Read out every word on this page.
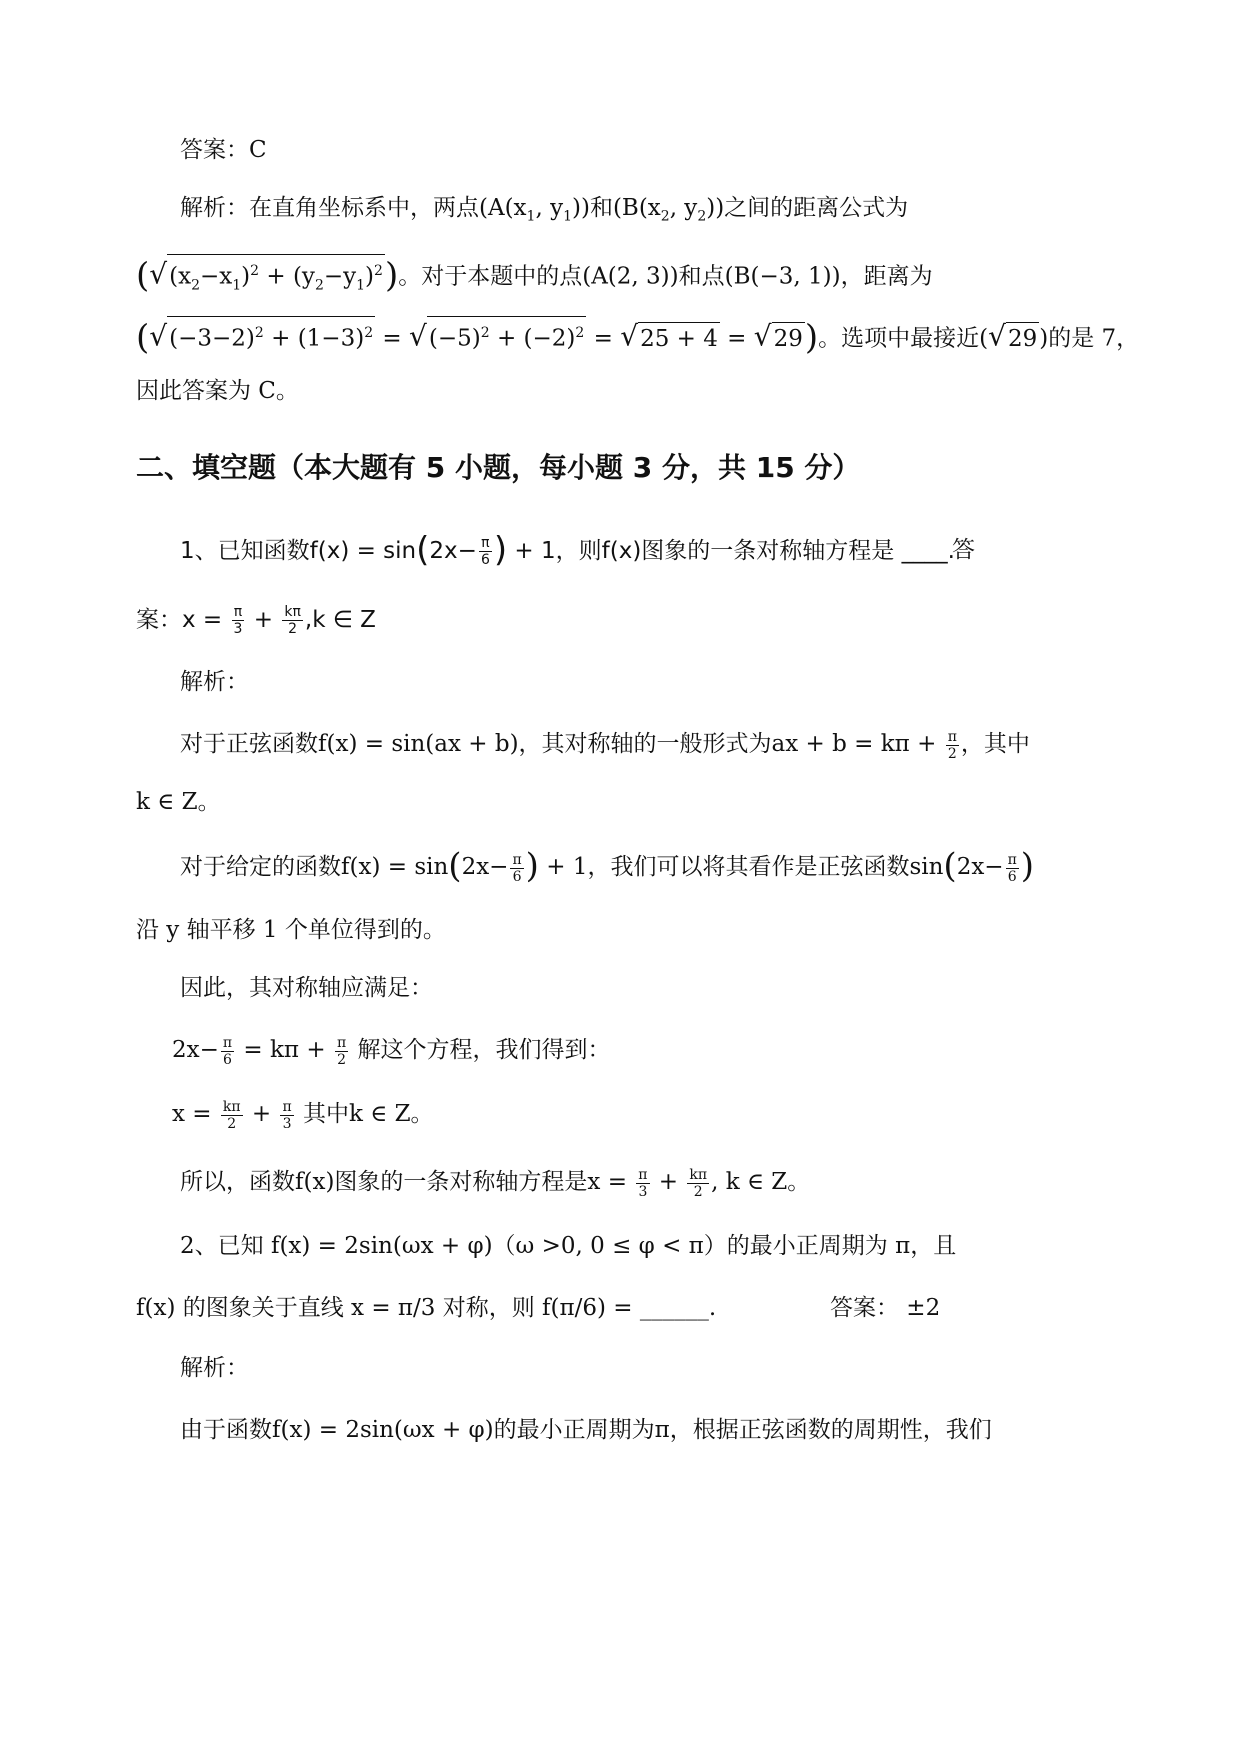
答案：C
解析：在直角坐标系中，两点($A(x_1$, $y_1$))和($B(x_2$, $y_2$))之间的距离公式为
$(√(x_2-x_1)^2 + (y_2-y_1)^2)$。对于本题中的点(A(2, 3))和点(B(−3, 1))，距离为
$(√(-3-2)^2 + (1-3)^2 = √(-5)^2 + (-2)^2 = √25 + 4 = √29)$。选项中最接近(√29)的是 7，
因此答案为 C。
二、填空题（本大题有 5 小题，每小题 3 分，共 15 分）
1、已知函数$f(x) = \sin(2x- \frac{\pi}{6}$ ) + 1，则f(x)图象的一条对称轴方程是 ____.
答
案：$x = \frac{\pi}{3} + \frac{k\pi}{2} ,k$ ∈ Z
解析：
对于正弦函数f(x) = sin(ax + b)，其对称轴的一般形式为ax + $b = k\pi + \frac{\pi}{2}$ ，其中
k ∈ Z。
对于给定的函数$f(x) = \sin(2x- \frac{\pi}{6}$ ) + 1，我们可以将其看作是正弦函数$\sin(2x- \frac{\pi}{6}$ )
沿 y 轴平移 1 个单位得到的。
因此，其对称轴应满足：
$2x- \frac{\pi}{6} = k\pi + \frac{\pi}{2}$ 解这个方程，我们得到：
$x = \frac{k\pi}{2} + \frac{\pi}{3}$ 其中k ∈ Z。
所以，函数f(x)图象的一条对称轴方程是$x = \frac{\pi}{3} + \frac{k\pi}{2}$ , k ∈ Z。
2、已知 f(x) = 2sin(ωx + φ)（ω >0, 0 ≤ φ < π）的最小正周期为 π，且
f(x) 的图象关于直线 x = π/3 对称，则 f(π/6) = ______.	答案： ±2
解析：
由于函数f(x) = 2sin(ωx + φ)的最小正周期为π，根据正弦函数的周期性，我们
